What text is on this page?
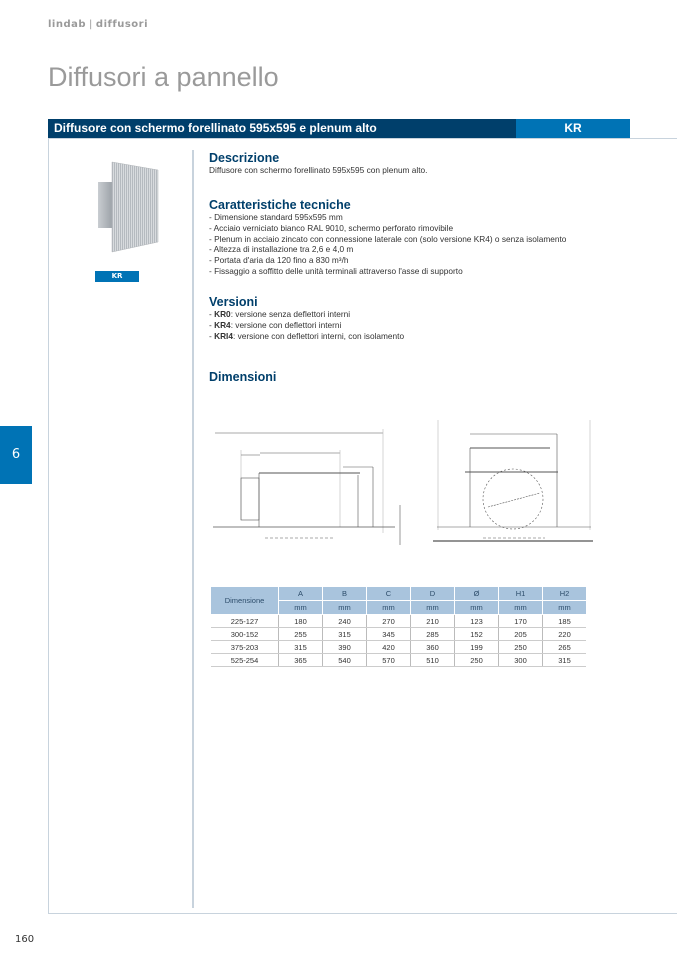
lindab | diffusori
Diffusori a pannello
Diffusore con schermo forellinato 595x595 e plenum alto	KR
KR
Descrizione
Diffusore con schermo forellinato 595x595 con plenum alto.
Caratteristiche tecniche
- Dimensione standard 595x595 mm
- Acciaio verniciato bianco RAL 9010, schermo perforato rimovibile
- Plenum in acciaio zincato con connessione laterale con (solo versione KR4) o senza isolamento
- Altezza di installazione tra 2,6 e 4,0 m
- Portata d'aria da 120 fino a 830 m³/h
- Fissaggio a soffitto delle unità terminali attraverso l'asse di supporto
Versioni
- KR0: versione senza deflettori interni
- KR4: versione con deflettori interni
- KRI4: versione con deflettori interni, con isolamento
Dimensioni
Dimensione	A	B	C	D	Ø	H1	H2
	mm	mm	mm	mm	mm	mm	mm
225-127	180	240	270	210	123	170	185
300-152	255	315	345	285	152	205	220
375-203	315	390	420	360	199	250	265
525-254	365	540	570	510	250	300	315
6
160
